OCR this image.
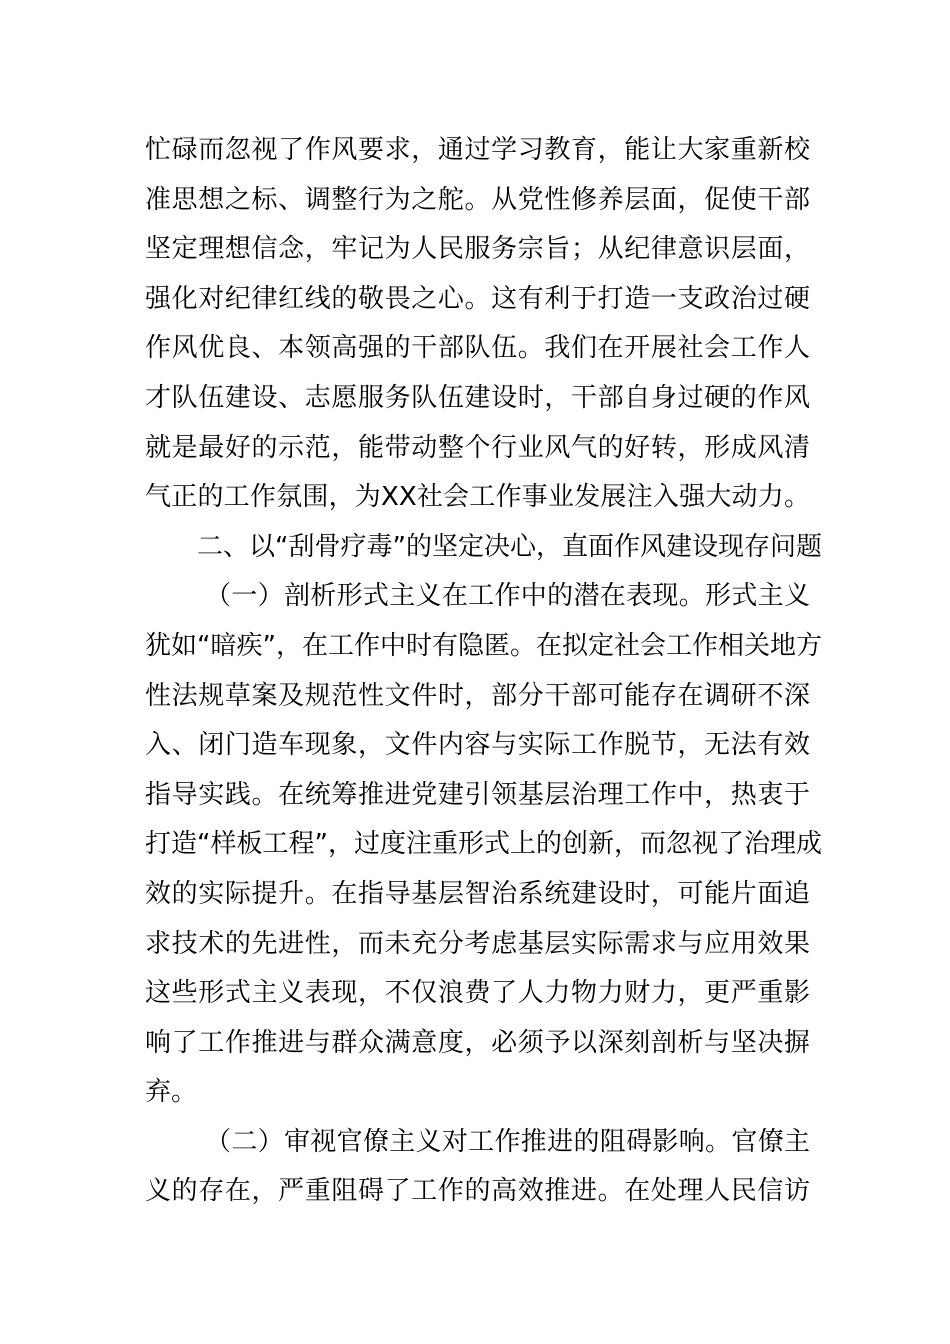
忙碌而忽视了作风要求，通过学习教育，能让大家重新校
准思想之标、调整行为之舵。从党性修养层面，促使干部
坚定理想信念，牢记为人民服务宗旨；从纪律意识层面，
强化对纪律红线的敬畏之心。这有利于打造一支政治过硬
作风优良、本领高强的干部队伍。我们在开展社会工作人
才队伍建设、志愿服务队伍建设时，干部自身过硬的作风
就是最好的示范，能带动整个行业风气的好转，形成风清
气正的工作氛围，为XX社会工作事业发展注入强大动力。
二、以“刮骨疗毒”的坚定决心，直面作风建设现存问题
（一）剖析形式主义在工作中的潜在表现。形式主义
犹如“暗疾”，在工作中时有隐匿。在拟定社会工作相关地方
性法规草案及规范性文件时，部分干部可能存在调研不深
入、闭门造车现象，文件内容与实际工作脱节，无法有效
指导实践。在统筹推进党建引领基层治理工作中，热衷于
打造“样板工程”，过度注重形式上的创新，而忽视了治理成
效的实际提升。在指导基层智治系统建设时，可能片面追
求技术的先进性，而未充分考虑基层实际需求与应用效果
这些形式主义表现，不仅浪费了人力物力财力，更严重影
响了工作推进与群众满意度，必须予以深刻剖析与坚决摒
弃。
（二）审视官僚主义对工作推进的阻碍影响。官僚主
义的存在，严重阻碍了工作的高效推进。在处理人民信访
